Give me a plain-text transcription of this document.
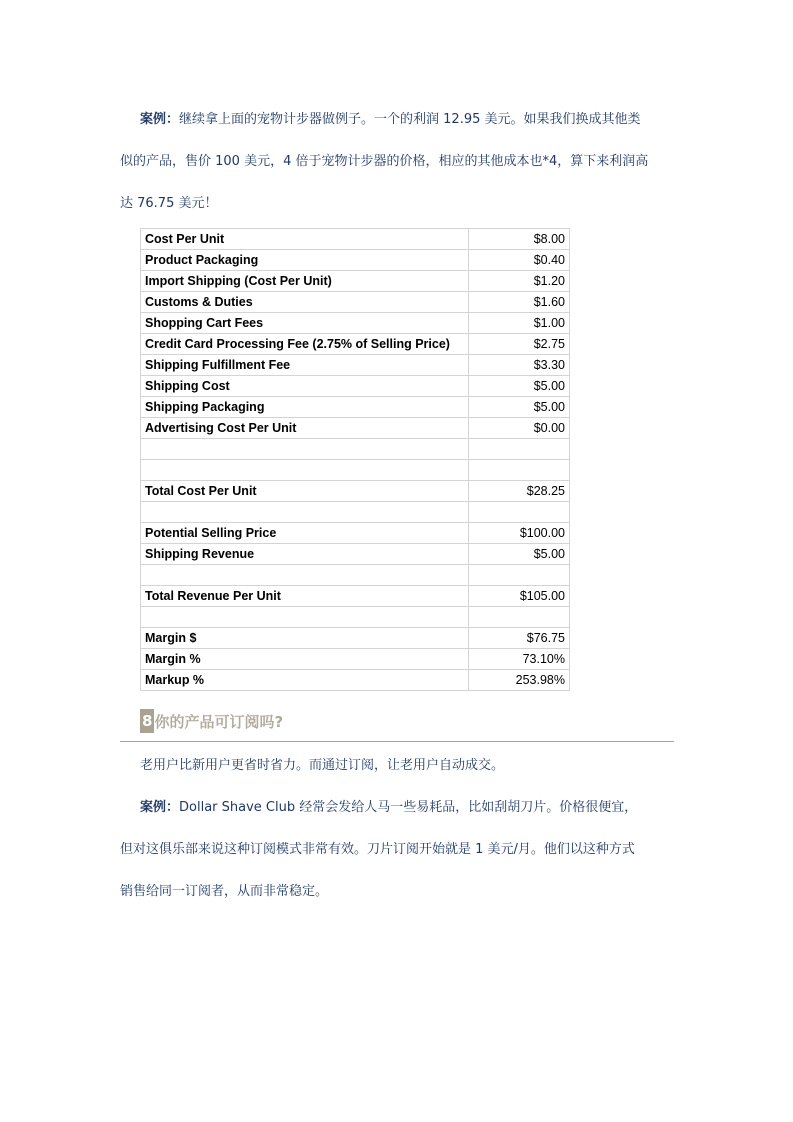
案例：继续拿上面的宠物计步器做例子。一个的利润 12.95 美元。如果我们换成其他类
似的产品，售价 100 美元，4 倍于宠物计步器的价格，相应的其他成本也*4，算下来利润高
达 76.75 美元！
Cost Per Unit	$8.00
Product Packaging	$0.40
Import Shipping (Cost Per Unit)	$1.20
Customs & Duties	$1.60
Shopping Cart Fees	$1.00
Credit Card Processing Fee (2.75% of Selling Price)	$2.75
Shipping Fulfillment Fee	$3.30
Shipping Cost	$5.00
Shipping Packaging	$5.00
Advertising Cost Per Unit	$0.00

Total Cost Per Unit	$28.25

Potential Selling Price	$100.00
Shipping Revenue	$5.00

Total Revenue Per Unit	$105.00

Margin $	$76.75
Margin %	73.10%
Markup %	253.98%
8 你的产品可订阅吗?
老用户比新用户更省时省力。而通过订阅，让老用户自动成交。
案例：Dollar Shave Club 经常会发给人马一些易耗品，比如刮胡刀片。价格很便宜，
但对这俱乐部来说这种订阅模式非常有效。刀片订阅开始就是 1 美元/月。他们以这种方式
销售给同一订阅者，从而非常稳定。
